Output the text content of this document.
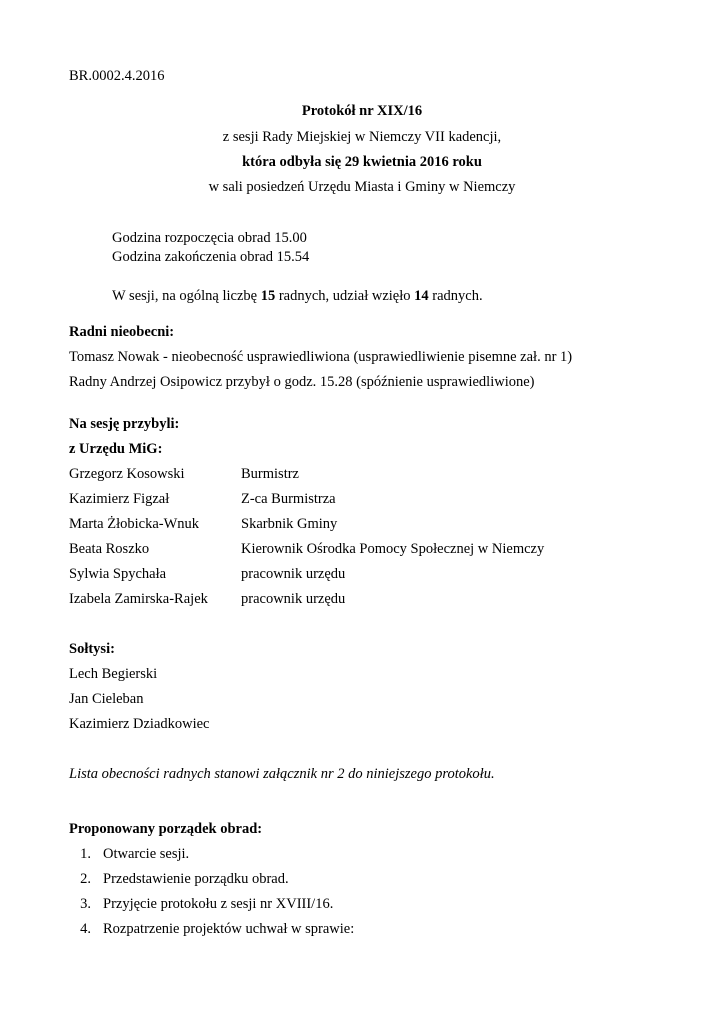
BR.0002.4.2016
Protokół nr XIX/16
z sesji Rady Miejskiej w Niemczy VII kadencji,
która odbyła się 29 kwietnia 2016 roku
w sali posiedzeń Urzędu Miasta i Gminy w Niemczy
Godzina rozpoczęcia obrad 15.00
Godzina zakończenia obrad 15.54
W sesji, na ogólną liczbę 15 radnych, udział wzięło 14 radnych.
Radni nieobecni:
Tomasz Nowak - nieobecność usprawiedliwiona (usprawiedliwienie pisemne zał. nr 1)
Radny Andrzej Osipowicz przybył o godz. 15.28 (spóźnienie usprawiedliwione)
Na sesję przybyli:
z Urzędu MiG:
Grzegorz Kosowski	Burmistrz
Kazimierz Figzał	Z-ca Burmistrza
Marta Żłobicka-Wnuk	Skarbnik Gminy
Beata Roszko	Kierownik Ośrodka Pomocy Społecznej w Niemczy
Sylwia Spychała	pracownik urzędu
Izabela Zamirska-Rajek pracownik urzędu
Sołtysi:
Lech Begierski
Jan Cieleban
Kazimierz Dziadkowiec
Lista obecności radnych stanowi załącznik nr 2 do niniejszego protokołu.
Proponowany porządek obrad:
1. Otwarcie sesji.
2. Przedstawienie porządku obrad.
3. Przyjęcie protokołu z sesji nr XVIII/16.
4. Rozpatrzenie projektów uchwał w sprawie:
